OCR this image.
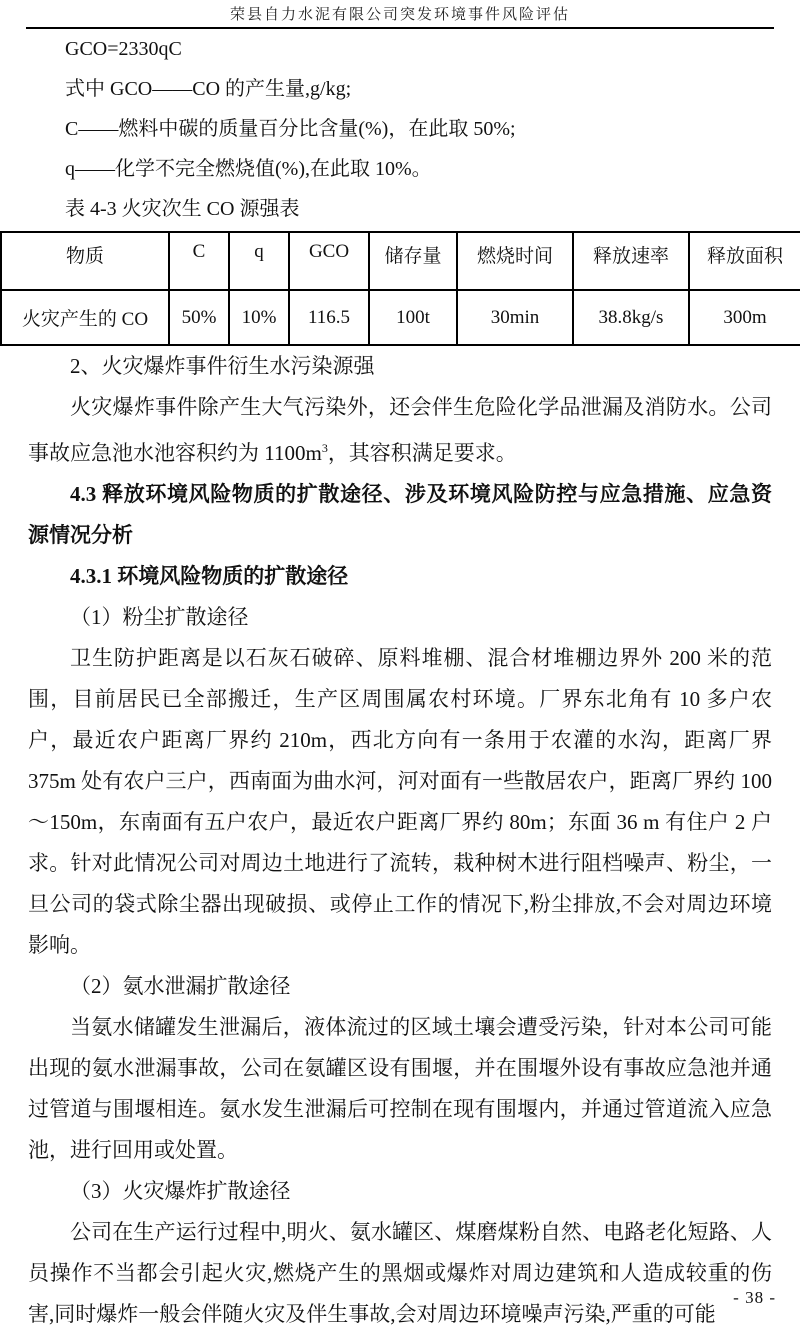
荣县自力水泥有限公司突发环境事件风险评估
GCO=2330qC
式中 GCO——CO 的产生量,g/kg;
C——燃料中碳的质量百分比含量(%)，在此取 50%;
q——化学不完全燃烧值(%),在此取 10%。
表 4-3 火灾次生 CO 源强表
物质	C	q	GCO	储存量	燃烧时间	释放速率	释放面积
火灾产生的 CO	50%	10%	116.5	100t	30min	38.8kg/s	300m

2、火灾爆炸事件衍生水污染源强

火灾爆炸事件除产生大气污染外，还会伴生危险化学品泄漏及消防水。公司事故应急池水池容积约为 $1100m^3$，其容积满足要求。

4.3 释放环境风险物质的扩散途径、涉及环境风险防控与应急措施、应急资源情况分析

4.3.1 环境风险物质的扩散途径

（1）粉尘扩散途径

卫生防护距离是以石灰石破碎、原料堆棚、混合材堆棚边界外 200 米的范围，目前居民已全部搬迁，生产区周围属农村环境。厂界东北角有 10 多户农户，最近农户距离厂界约 210m，西北方向有一条用于农灌的水沟，距离厂界 375m 处有农户三户，西南面为曲水河，河对面有一些散居农户，距离厂界约 100～150m，东南面有五户农户，最近农户距离厂界约 80m；东面 36 m 有住户 2 户求。针对此情况公司对周边土地进行了流转，栽种树木进行阻档噪声、粉尘，一旦公司的袋式除尘器出现破损、或停止工作的情况下,粉尘排放,不会对周边环境影响。

（2）氨水泄漏扩散途径

当氨水储罐发生泄漏后，液体流过的区域土壤会遭受污染，针对本公司可能出现的氨水泄漏事故，公司在氨罐区设有围堰，并在围堰外设有事故应急池并通过管道与围堰相连。氨水发生泄漏后可控制在现有围堰内，并通过管道流入应急池，进行回用或处置。

（3）火灾爆炸扩散途径

公司在生产运行过程中,明火、氨水罐区、煤磨煤粉自然、电路老化短路、人员操作不当都会引起火灾,燃烧产生的黑烟或爆炸对周边建筑和人造成较重的伤害,同时爆炸一般会伴随火灾及伴生事故,会对周边环境噪声污染,严重的可能

- 38 -
